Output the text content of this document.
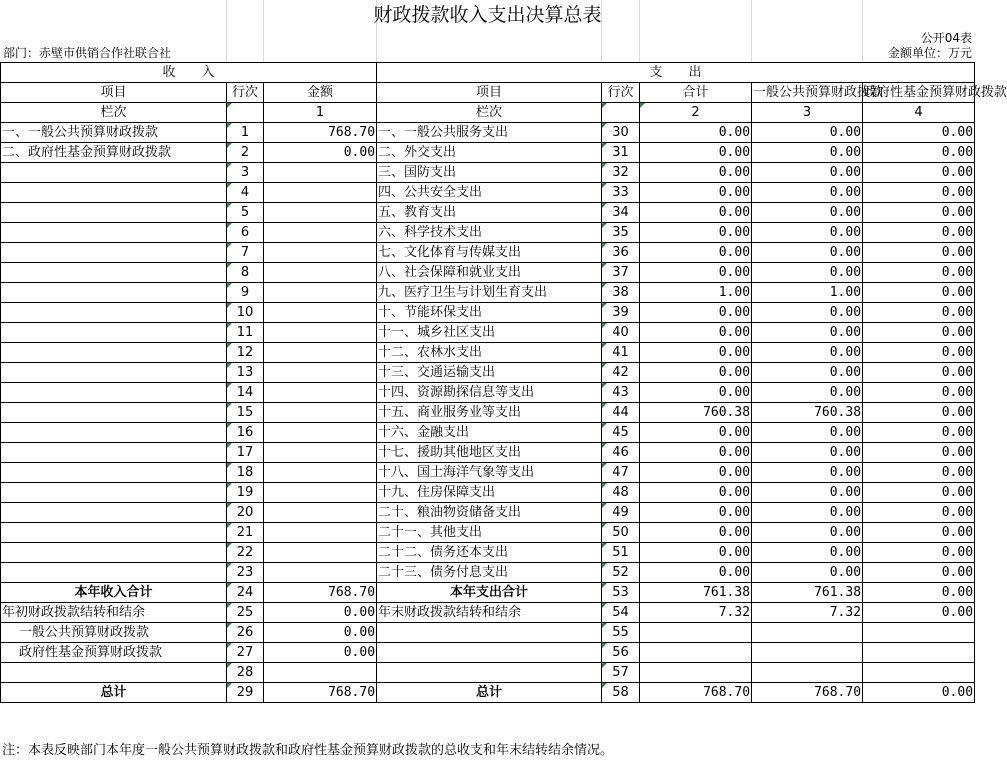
财政拨款收入支出决算总表
公开04表
部门：赤壁市供销合作社联合社	金额单位：万元
收　　入			支　　出				
项目	行次	金额	项目	行次	合计	一般公共预算财政拨款	政府性基金预算财政拨款
栏次		1	栏次		2	3	4
一、一般公共预算财政拨款	1	768.70	一、一般公共服务支出	30	0.00	0.00	0.00
二、政府性基金预算财政拨款	2	0.00	二、外交支出	31	0.00	0.00	0.00
	3		三、国防支出	32	0.00	0.00	0.00
	4		四、公共安全支出	33	0.00	0.00	0.00
	5		五、教育支出	34	0.00	0.00	0.00
	6		六、科学技术支出	35	0.00	0.00	0.00
	7		七、文化体育与传媒支出	36	0.00	0.00	0.00
	8		八、社会保障和就业支出	37	0.00	0.00	0.00
	9		九、医疗卫生与计划生育支出	38	1.00	1.00	0.00
	10		十、节能环保支出	39	0.00	0.00	0.00
	11		十一、城乡社区支出	40	0.00	0.00	0.00
	12		十二、农林水支出	41	0.00	0.00	0.00
	13		十三、交通运输支出	42	0.00	0.00	0.00
	14		十四、资源勘探信息等支出	43	0.00	0.00	0.00
	15		十五、商业服务业等支出	44	760.38	760.38	0.00
	16		十六、金融支出	45	0.00	0.00	0.00
	17		十七、援助其他地区支出	46	0.00	0.00	0.00
	18		十八、国土海洋气象等支出	47	0.00	0.00	0.00
	19		十九、住房保障支出	48	0.00	0.00	0.00
	20		二十、粮油物资储备支出	49	0.00	0.00	0.00
	21		二十一、其他支出	50	0.00	0.00	0.00
	22		二十二、债务还本支出	51	0.00	0.00	0.00
	23		二十三、债务付息支出	52	0.00	0.00	0.00
本年收入合计	24	768.70	本年支出合计	53	761.38	761.38	0.00
年初财政拨款结转和结余	25	0.00	年末财政拨款结转和结余	54	7.32	7.32	0.00
一般公共预算财政拨款	26	0.00		55			
政府性基金预算财政拨款	27	0.00		56			
	28			57			
总计	29	768.70	总计	58	768.70	768.70	0.00
注：本表反映部门本年度一般公共预算财政拨款和政府性基金预算财政拨款的总收支和年末结转结余情况。
